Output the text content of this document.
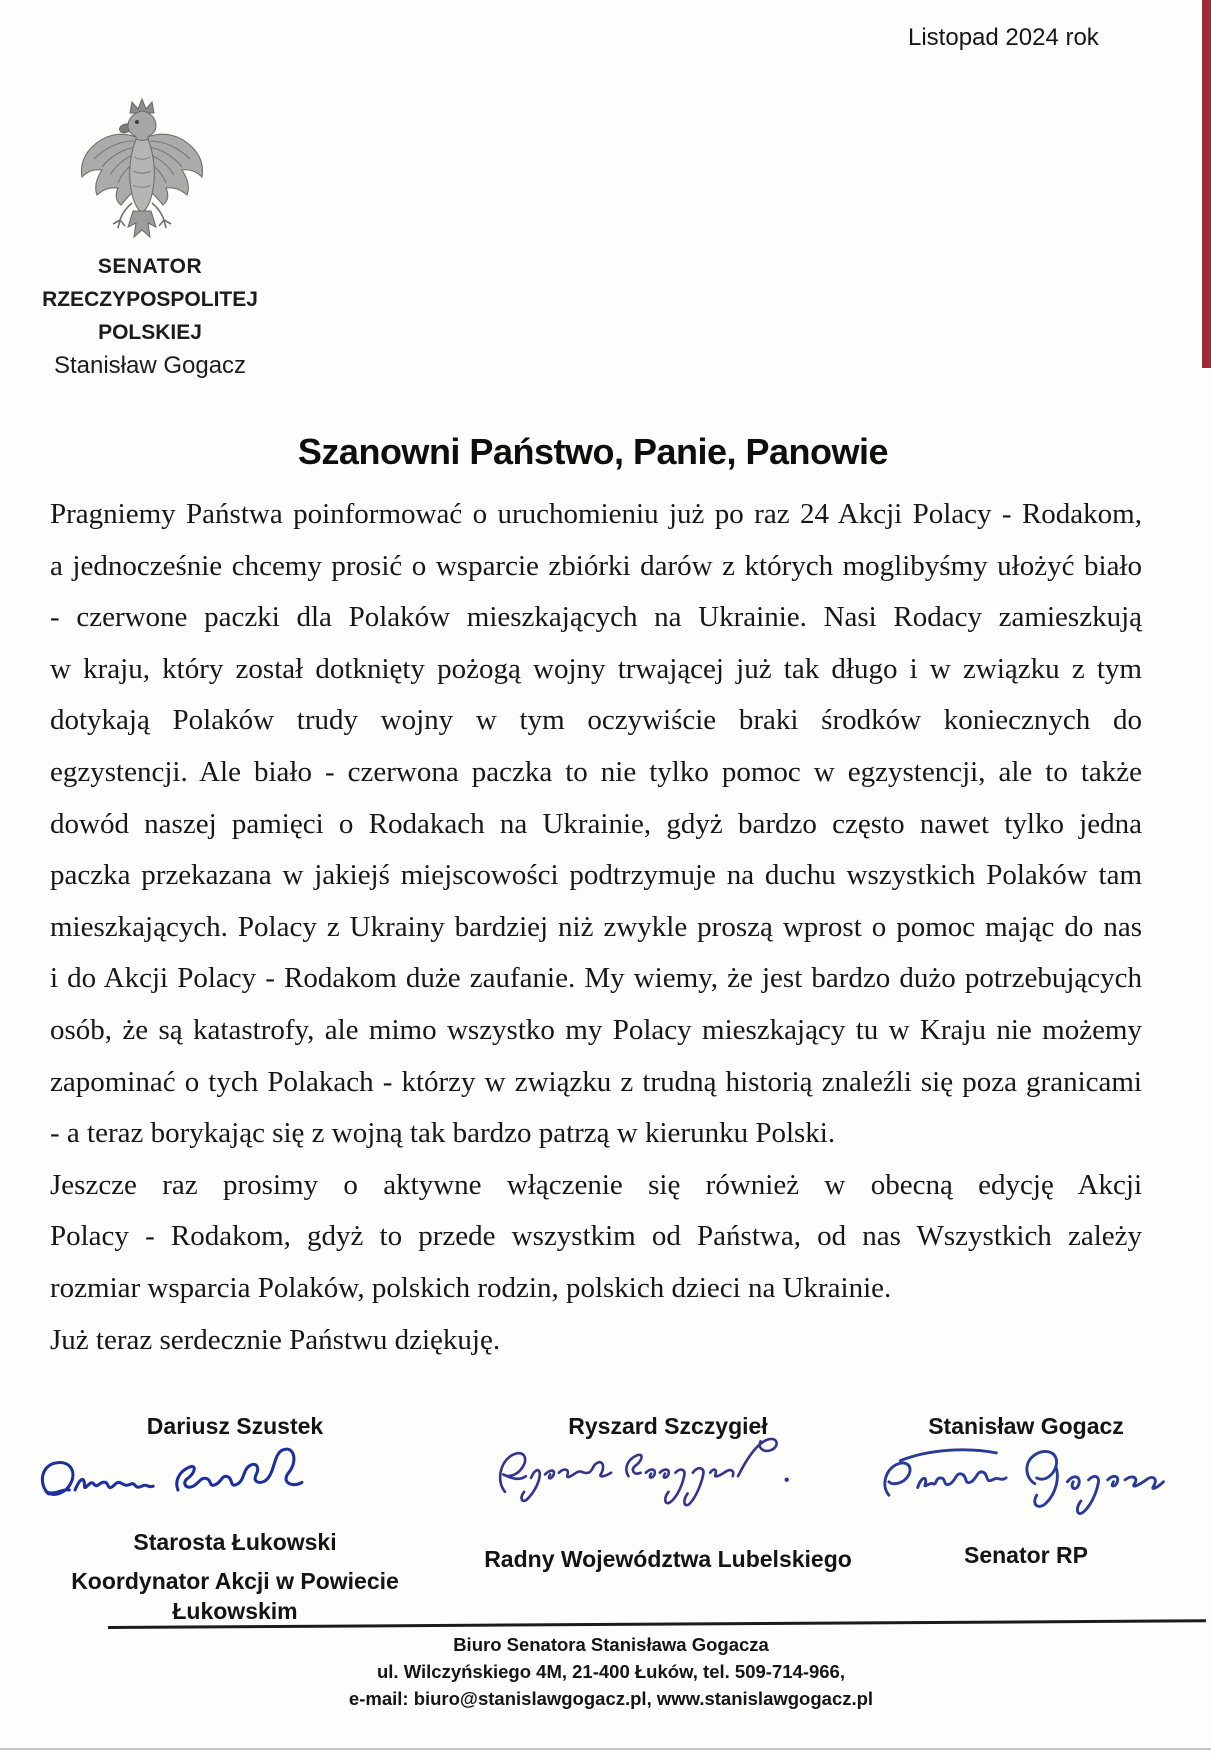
Listopad 2024 rok
SENATOR
RZECZYPOSPOLITEJ POLSKIEJ
Stanisław Gogacz
Szanowni Państwo, Panie, Panowie
Pragniemy Państwa poinformować o uruchomieniu już po raz 24 Akcji Polacy - Rodakom,
a jednocześnie chcemy prosić o wsparcie zbiórki darów z których moglibyśmy ułożyć biało
- czerwone paczki dla Polaków mieszkających na Ukrainie. Nasi Rodacy zamieszkują
w kraju, który został dotknięty pożogą wojny trwającej już tak długo i w związku z tym
dotykają Polaków trudy wojny w tym oczywiście braki środków koniecznych do
egzystencji. Ale biało - czerwona paczka to nie tylko pomoc w egzystencji, ale to także
dowód naszej pamięci o Rodakach na Ukrainie, gdyż bardzo często nawet tylko jedna
paczka przekazana w jakiejś miejscowości podtrzymuje na duchu wszystkich Polaków tam
mieszkających. Polacy z Ukrainy bardziej niż zwykle proszą wprost o pomoc mając do nas
i do Akcji Polacy - Rodakom duże zaufanie. My wiemy, że jest bardzo dużo potrzebujących
osób, że są katastrofy, ale mimo wszystko my Polacy mieszkający tu w Kraju nie możemy
zapominać o tych Polakach - którzy w związku z trudną historią znaleźli się poza granicami
- a teraz borykając się z wojną tak bardzo patrzą w kierunku Polski.
Jeszcze raz prosimy o aktywne włączenie się również w obecną edycję Akcji
Polacy - Rodakom, gdyż to przede wszystkim od Państwa, od nas Wszystkich zależy
rozmiar wsparcia Polaków, polskich rodzin, polskich dzieci na Ukrainie.
Już teraz serdecznie Państwu dziękuję.
Dariusz Szustek
Starosta Łukowski
Koordynator Akcji w Powiecie Łukowskim
Ryszard Szczygieł
Radny Województwa Lubelskiego
Stanisław Gogacz
Senator RP
Biuro Senatora Stanisława Gogacza
ul. Wilczyńskiego 4M, 21-400 Łuków, tel. 509-714-966,
e-mail: biuro@stanislawgogacz.pl, www.stanislawgogacz.pl
